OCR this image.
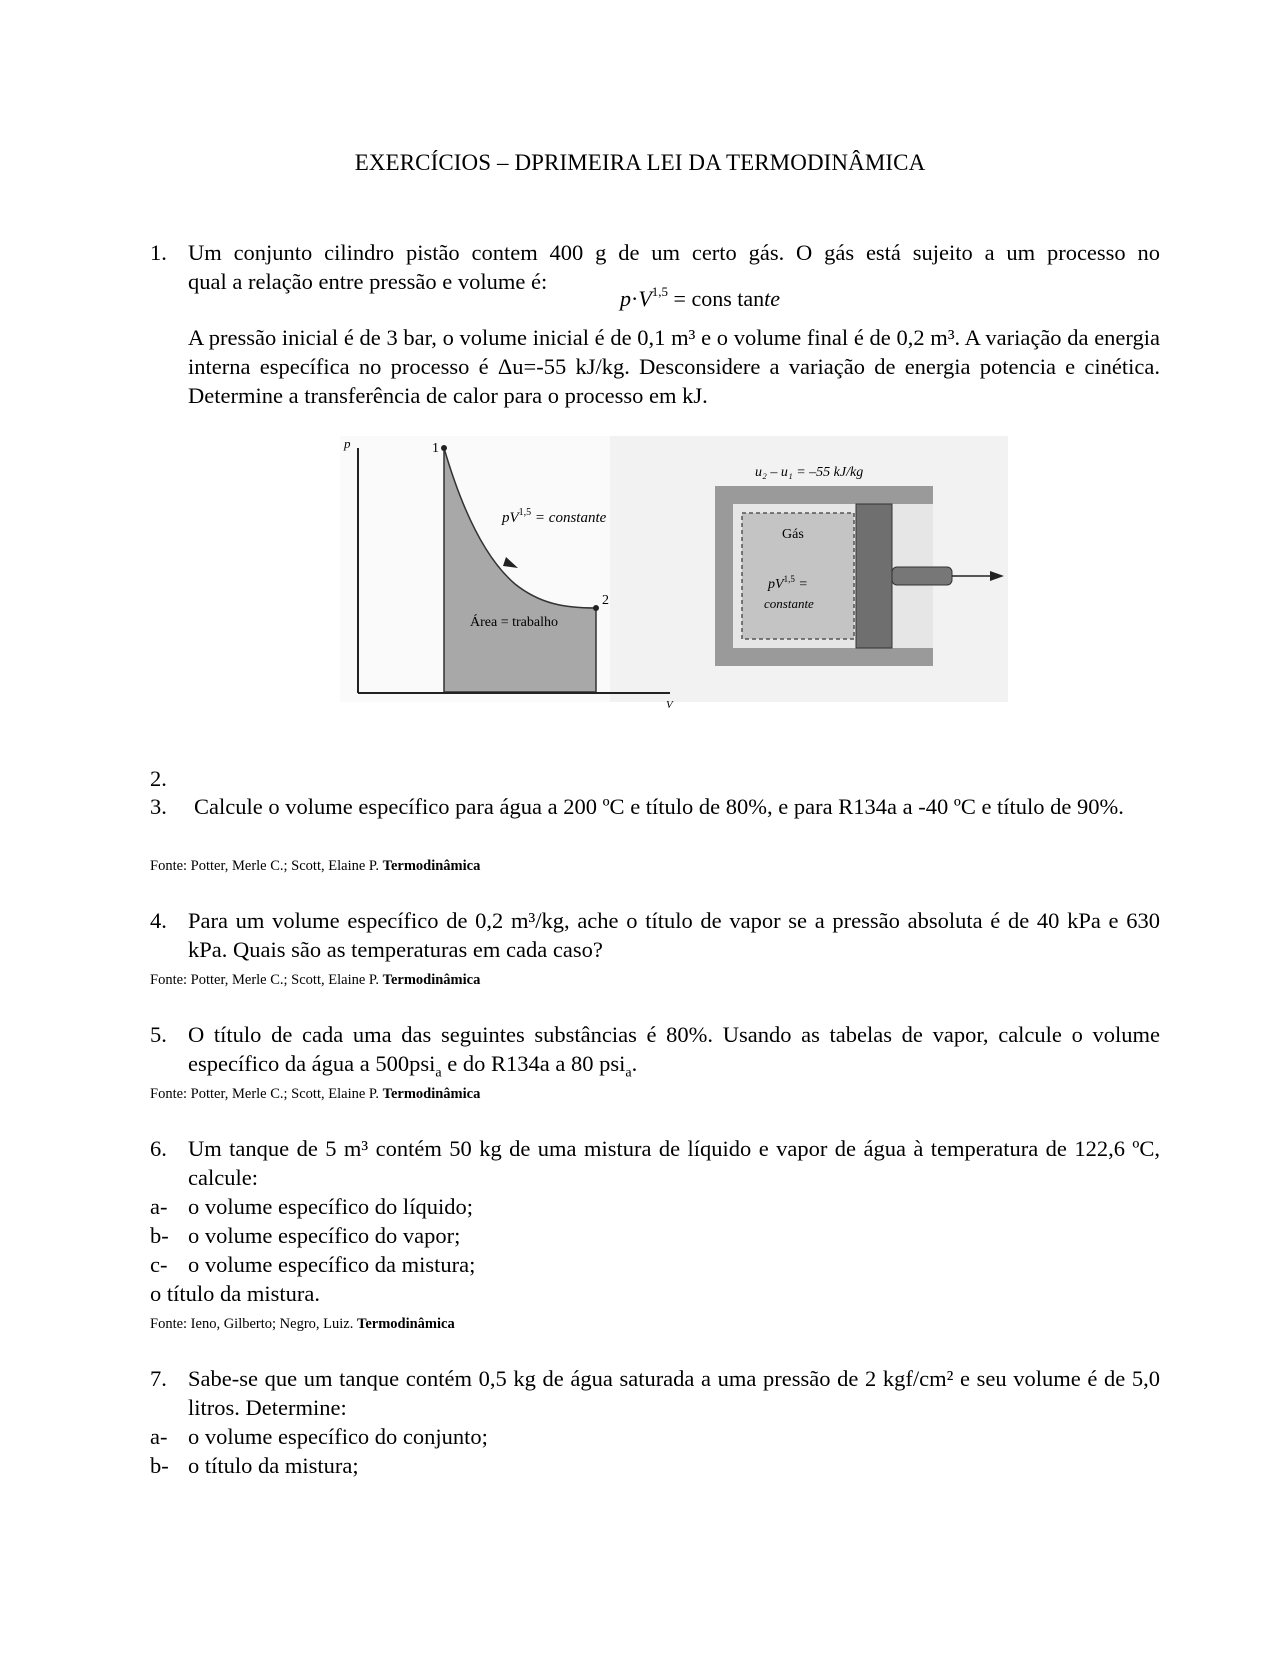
EXERCÍCIOS – DPRIMEIRA LEI DA TERMODINÂMICA
1. Um conjunto cilindro pistão contem 400 g de um certo gás. O gás está sujeito a um processo no
qual a relação entre pressão e volume é:
$p\cdot V^{1,5}$ = cons tante
A pressão inicial é de 3 bar, o volume inicial é de 0,1 m³ e o volume final é de 0,2 m³. A variação da energia interna específica no processo é Δu=-55 kJ/kg. Desconsidere a variação de energia potencia e cinética. Determine a transferência de calor para o processo em kJ.
p
V
1
2
pV$^{1,5}$ = constante
Área = trabalho
u₂ – u₁ = –55 kJ/kg
Gás
pV$^{1,5}$ =
constante
2.
3.	Calcule o volume específico para água a 200 ºC e título de 80%, e para R134a a -40 ºC e título de 90%.
Fonte: Potter, Merle C.; Scott, Elaine P. Termodinâmica
4. Para um volume específico de 0,2 m³/kg, ache o título de vapor se a pressão absoluta é de 40 kPa e 630 kPa. Quais são as temperaturas em cada caso?
Fonte: Potter, Merle C.; Scott, Elaine P. Termodinâmica
5. O título de cada uma das seguintes substâncias é 80%. Usando as tabelas de vapor, calcule o volume específico da água a 500psi$_a$ e do R134a a 80 psi$_a$.
Fonte: Potter, Merle C.; Scott, Elaine P. Termodinâmica
6. Um tanque de 5 m³ contém 50 kg de uma mistura de líquido e vapor de água à temperatura de 122,6 ºC, calcule:
a- o volume específico do líquido;
b- o volume específico do vapor;
c- o volume específico da mistura;
o título da mistura.
Fonte: Ieno, Gilberto; Negro, Luiz. Termodinâmica
7. Sabe-se que um tanque contém 0,5 kg de água saturada a uma pressão de 2 kgf/cm² e seu volume é de 5,0 litros. Determine:
a- o volume específico do conjunto;
b- o título da mistura;
